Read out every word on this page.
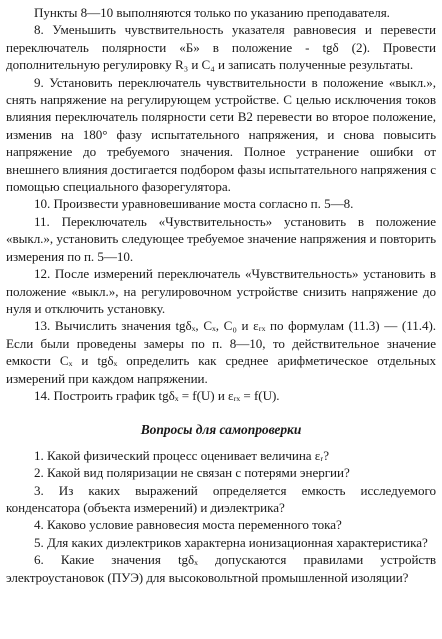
Пункты 8—10 выполняются только по указанию преподавателя.

8. Уменьшить чувствительность указателя равновесия и перевести переключатель полярности «Б» в положение - tgδ (2). Провести дополнительную регулировку R₃ и C₄ и записать полученные результаты.

9. Установить переключатель чувствительности в положение «выкл.», снять напряжение на регулирующем устройстве. С целью исключения токов влияния переключатель полярности сети В2 перевести во второе положение, изменив на 180° фазу испытательного напряжения, и снова повысить напряжение до требуемого значения. Полное устранение ошибки от внешнего влияния достигается подбором фазы испытательного напряжения с помощью специального фазорегулятора.

10. Произвести уравновешивание моста согласно п. 5—8.

11. Переключатель «Чувствительность» установить в положение «выкл.», установить следующее требуемое значение напряжения и повторить измерения по п. 5—10.

12. После измерений переключатель «Чувствительность» установить в положение «выкл.», на регулировочном устройстве снизить напряжение до нуля и отключить установку.

13. Вычислить значения tgδₓ, Cₓ, C₀ и εᵣₓ по формулам (11.3) — (11.4). Если были проведены замеры по п. 8—10, то действительное значение емкости Cₓ и tgδₓ определить как среднее арифметическое отдельных измерений при каждом напряжении.

14. Построить график tgδₓ = f(U) и εᵣₓ = f(U).

Вопросы для самопроверки

1. Какой физический процесс оценивает величина εᵣ?

2. Какой вид поляризации не связан с потерями энергии?

3. Из каких выражений определяется емкость исследуемого конденсатора (объекта измерений) и диэлектрика?

4. Каково условие равновесия моста переменного тока?

5. Для каких диэлектриков характерна ионизационная характеристика?

6. Какие значения tgδₓ допускаются правилами устройств электроустановок (ПУЭ) для высоковольтной промышленной изоляции?
